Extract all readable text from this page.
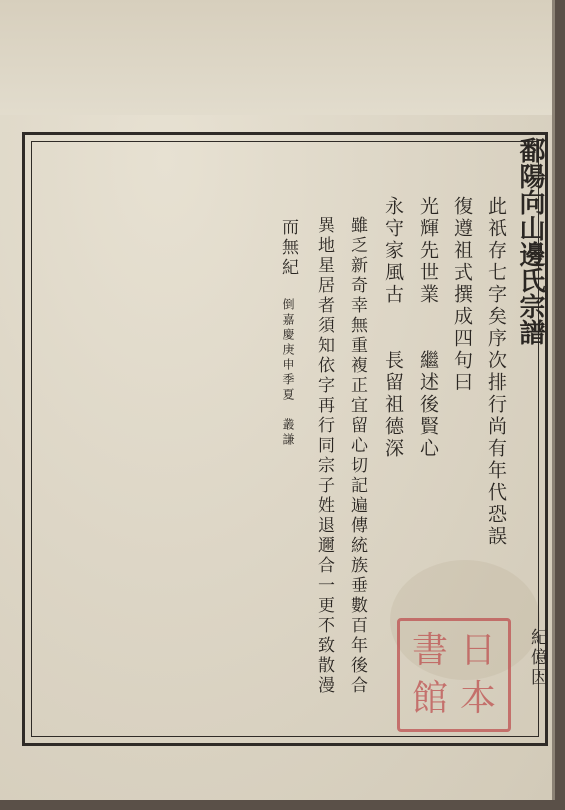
鄱陽向山邊氏宗譜
此祇存七字矣序次排行尚有年代恐誤
復遵祖式撰成四句曰
光輝先世業　　繼述後賢心
永守家風古　　長留祖德深
雖乏新奇幸無重複正宜留心切記遍傳統族垂數百年後合
異地星居者須知依字再行同宗子姓退邇合一更不致散漫
而無紀
倒嘉慶庚申季夏　叢謙
紀億因
書 日
館 本
